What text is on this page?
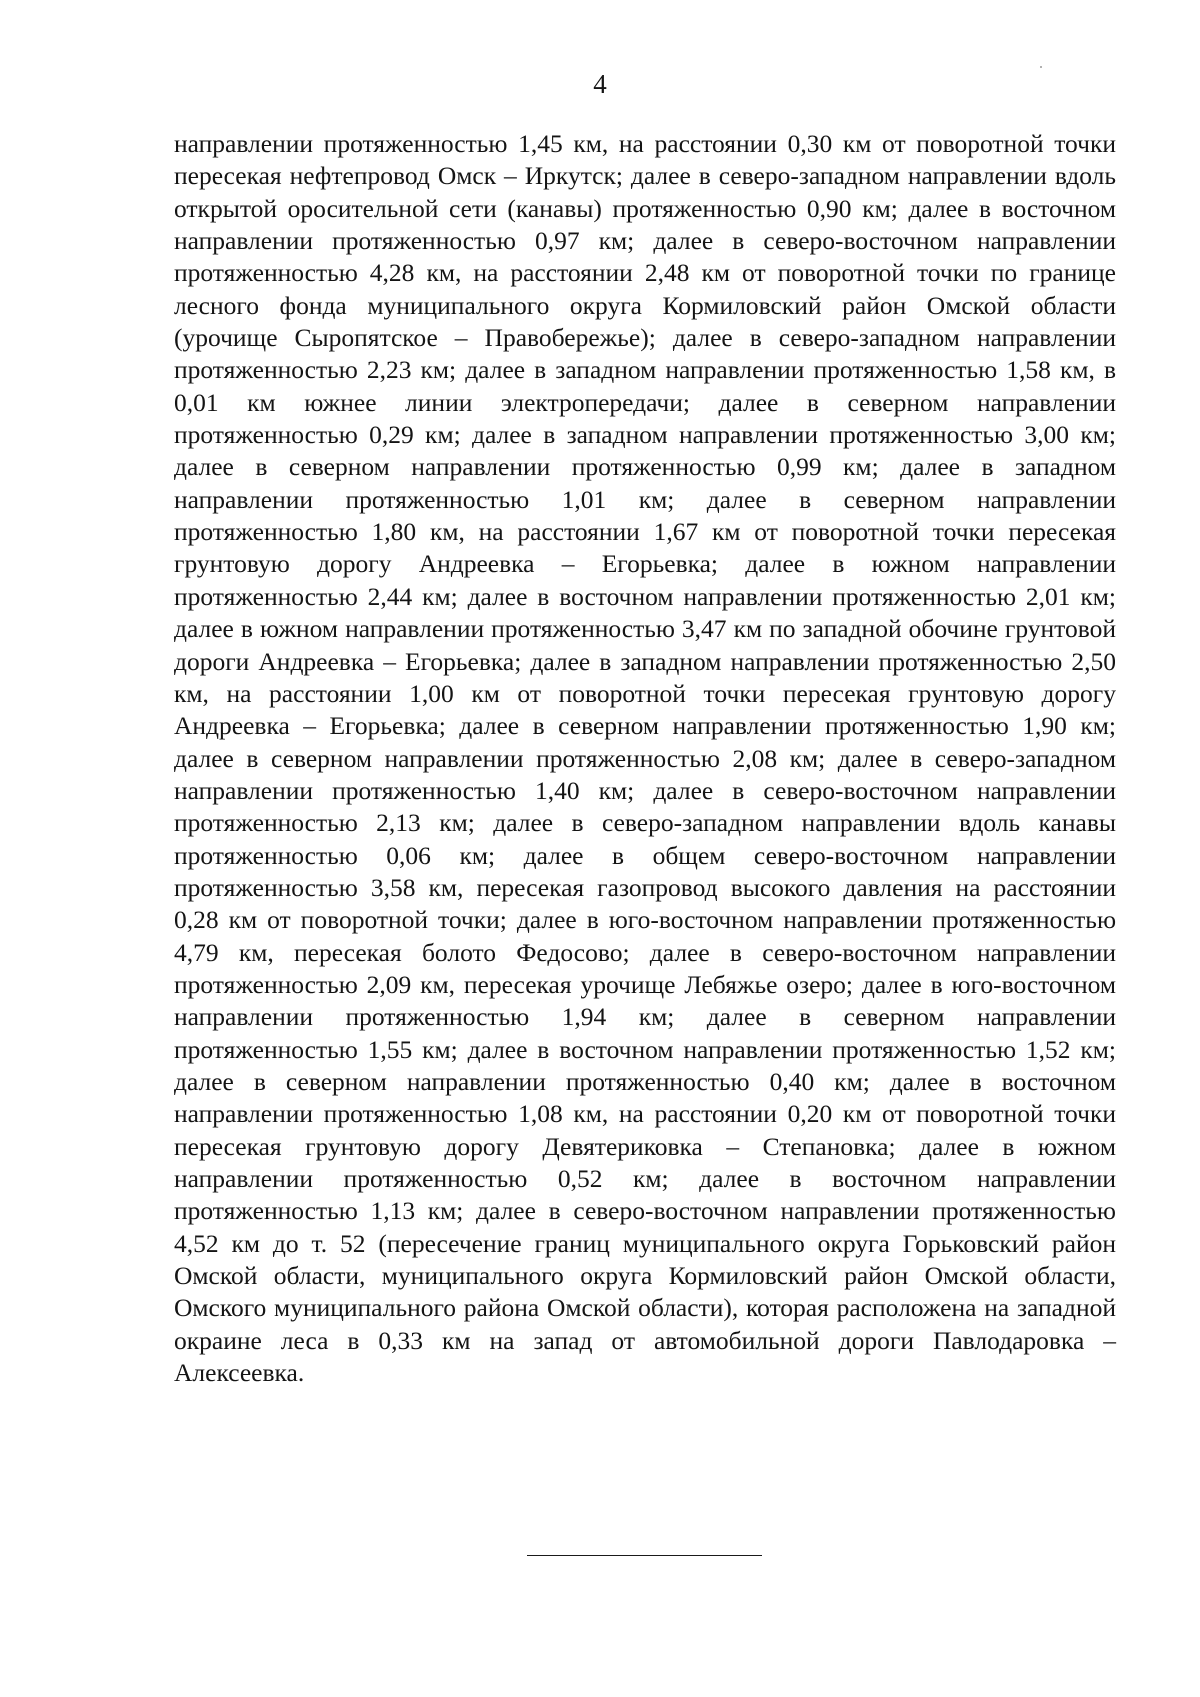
4

направлении протяженностью 1,45 км, на расстоянии 0,30 км от поворотной точки пересекая нефтепровод Омск – Иркутск; далее в северо-западном направлении вдоль открытой оросительной сети (канавы) протяженностью 0,90 км; далее в восточном направлении протяженностью 0,97 км; далее в северо-восточном направлении протяженностью 4,28 км, на расстоянии 2,48 км от поворотной точки по границе лесного фонда муниципального округа Кормиловский район Омской области (урочище Сыропятское – Правобережье); далее в северо-западном направлении протяженностью 2,23 км; далее в западном направлении протяженностью 1,58 км, в 0,01 км южнее линии электропередачи; далее в северном направлении протяженностью 0,29 км; далее в западном направлении протяженностью 3,00 км; далее в северном направлении протяженностью 0,99 км; далее в западном направлении протяженностью 1,01 км; далее в северном направлении протяженностью 1,80 км, на расстоянии 1,67 км от поворотной точки пересекая грунтовую дорогу Андреевка – Егорьевка; далее в южном направлении протяженностью 2,44 км; далее в восточном направлении протяженностью 2,01 км; далее в южном направлении протяженностью 3,47 км по западной обочине грунтовой дороги Андреевка – Егорьевка; далее в западном направлении протяженностью 2,50 км, на расстоянии 1,00 км от поворотной точки пересекая грунтовую дорогу Андреевка – Егорьевка; далее в северном направлении протяженностью 1,90 км; далее в северном направлении протяженностью 2,08 км; далее в северо-западном направлении протяженностью 1,40 км; далее в северо-восточном направлении протяженностью 2,13 км; далее в северо-западном направлении вдоль канавы протяженностью 0,06 км; далее в общем северо-восточном направлении протяженностью 3,58 км, пересекая газопровод высокого давления на расстоянии 0,28 км от поворотной точки; далее в юго-восточном направлении протяженностью 4,79 км, пересекая болото Федосово; далее в северо-восточном направлении протяженностью 2,09 км, пересекая урочище Лебяжье озеро; далее в юго-восточном направлении протяженностью 1,94 км; далее в северном направлении протяженностью 1,55 км; далее в восточном направлении протяженностью 1,52 км; далее в северном направлении протяженностью 0,40 км; далее в восточном направлении протяженностью 1,08 км, на расстоянии 0,20 км от поворотной точки пересекая грунтовую дорогу Девятериковка – Степановка; далее в южном направлении протяженностью 0,52 км; далее в восточном направлении протяженностью 1,13 км; далее в северо-восточном направлении протяженностью 4,52 км до т. 52 (пересечение границ муниципального округа Горьковский район Омской области, муниципального округа Кормиловский район Омской области, Омского муниципального района Омской области), которая расположена на западной окраине леса в 0,33 км на запад от автомобильной дороги Павлодаровка – Алексеевка.
